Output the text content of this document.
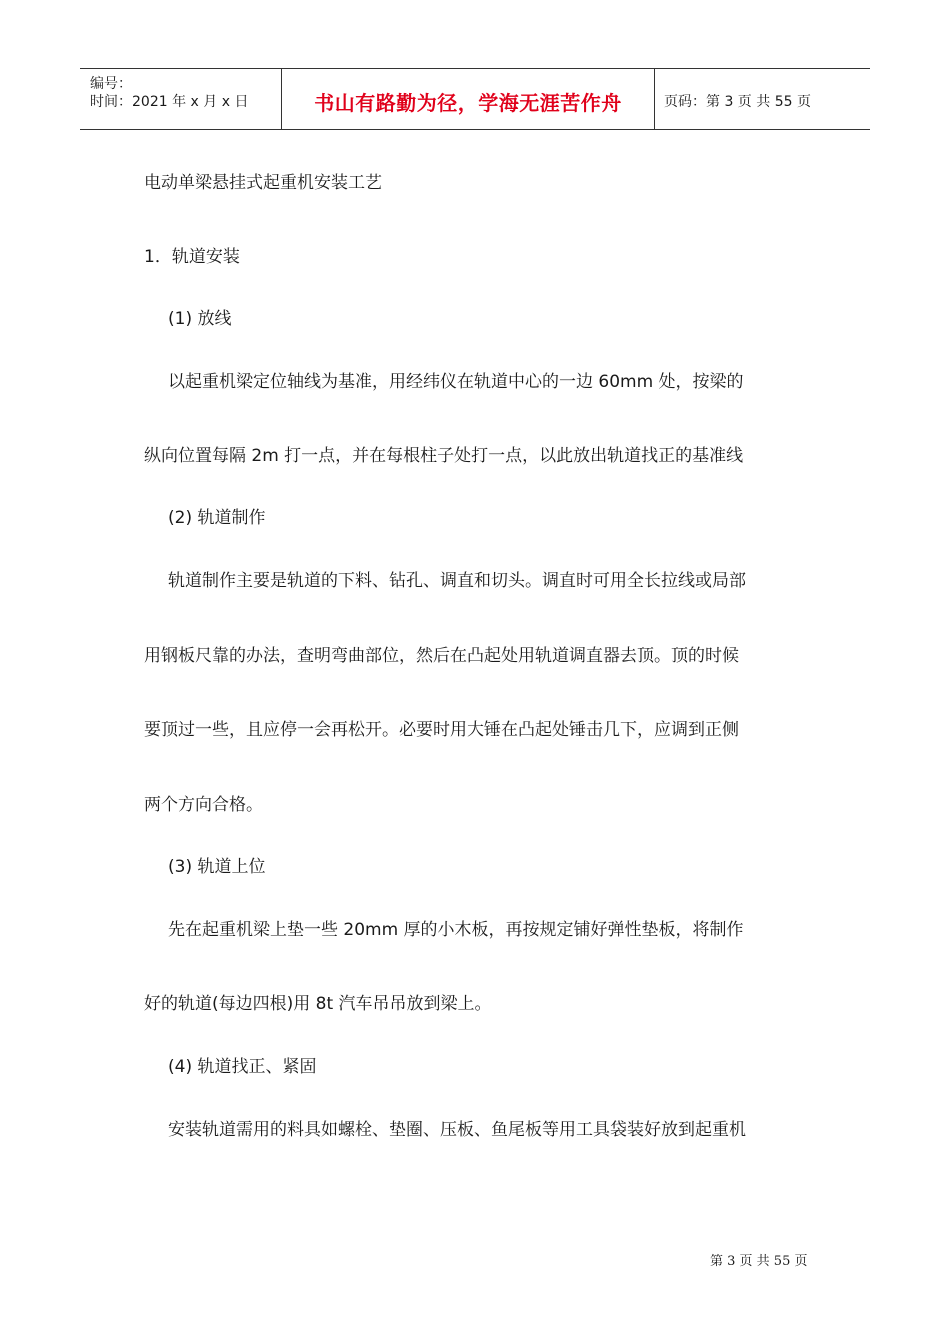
编号：
时间：2021 年 x 月 x 日	书山有路勤为径，学海无涯苦作舟	页码：第 3 页 共 55 页
电动单梁悬挂式起重机安装工艺
1．轨道安装
(1) 放线
以起重机梁定位轴线为基准，用经纬仪在轨道中心的一边 60mm 处，按梁的
纵向位置每隔 2m 打一点，并在每根柱子处打一点，以此放出轨道找正的基准线
(2) 轨道制作
轨道制作主要是轨道的下料、钻孔、调直和切头。调直时可用全长拉线或局部
用钢板尺靠的办法，查明弯曲部位，然后在凸起处用轨道调直器去顶。顶的时候
要顶过一些，且应停一会再松开。必要时用大锤在凸起处锤击几下，应调到正侧
两个方向合格。
(3) 轨道上位
先在起重机梁上垫一些 20mm 厚的小木板，再按规定铺好弹性垫板，将制作
好的轨道(每边四根)用 8t 汽车吊吊放到梁上。
(4) 轨道找正、紧固
安装轨道需用的料具如螺栓、垫圈、压板、鱼尾板等用工具袋装好放到起重机
第 3 页 共 55 页
